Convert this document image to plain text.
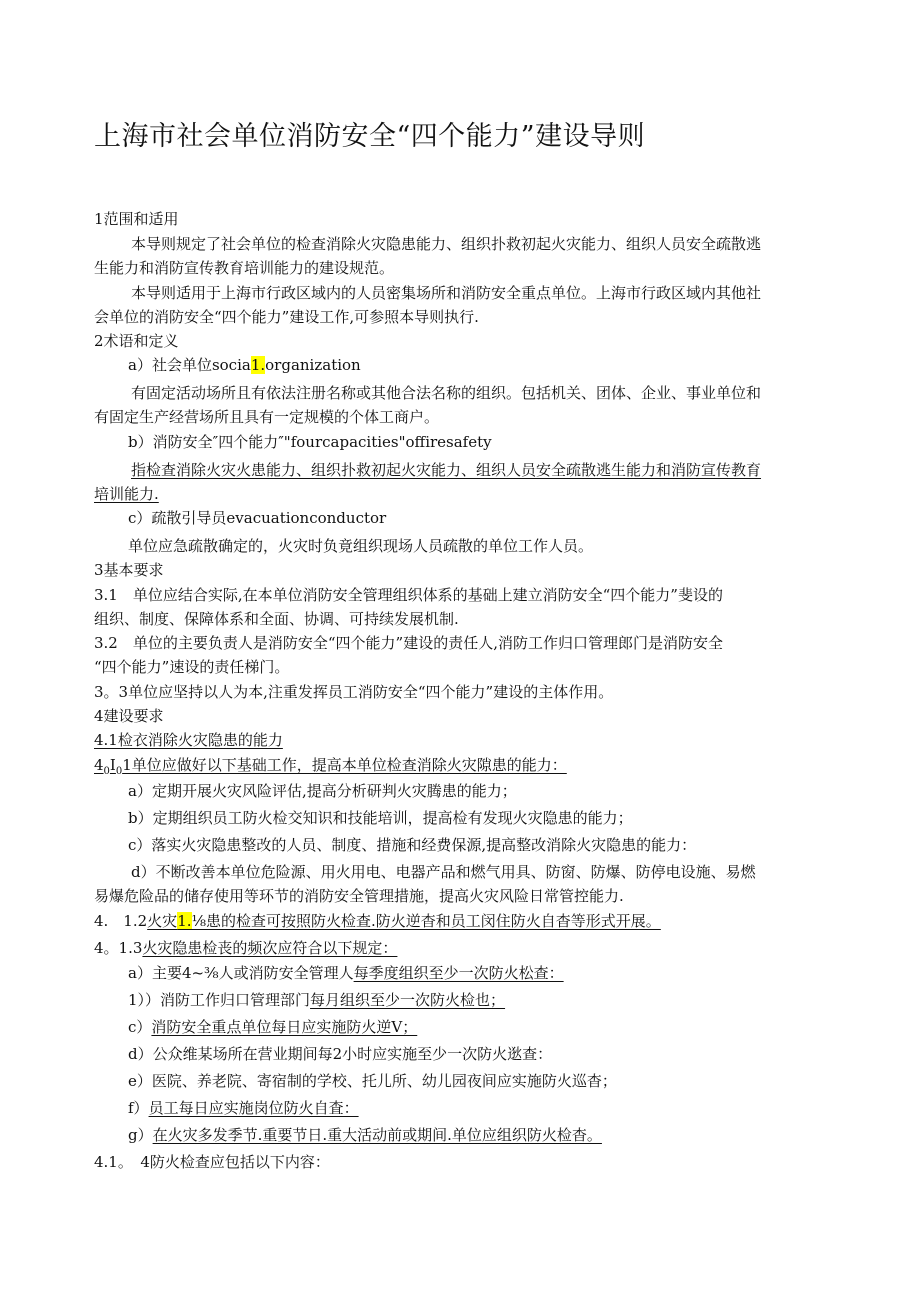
上海市社会单位消防安全“四个能力”建设导则
1范围和适用
本导则规定了社会单位的检查消除火灾隐患能力、组织扑救初起火灾能力、组织人员安全疏散逃
生能力和消防宣传教育培训能力的建设规范。
本导则适用于上海市行政区域内的人员密集场所和消防安全重点单位。上海市行政区域内其他社
会单位的消防安全“四个能力”建设工作,可参照本导则执行.
2术语和定义
a）社会单位socia1.organization
有固定活动场所且有依法注册名称或其他合法名称的组织。包括机关、团体、企业、事业单位和
有固定生产经营场所且具有一定规模的个体工商户。
b）消防安全″四个能力″"fourcapacities"offiresafety
指检查消除火灾火患能力、组织扑救初起火灾能力、组织人员安全疏散逃生能力和消防宣传教育
培训能力.
c）疏散引导员evacuationconductor
单位应急疏散确定的，火灾时负竟组织现场人员疏散的单位工作人员。
3基本要求
3.1　单位应结合实际,在本单位消防安全管理组织体系的基础上建立消防安全“四个能力”斐设的
组织、制度、保障体系和全面、协调、可持续发展机制.
3.2　单位的主要负责人是消防安全“四个能力”建设的责任人,消防工作归口管理郎门是消防安全
“四个能力”速设的责任梯门。
3。3单位应坚持以人为本,注重发挥员工消防安全“四个能力”建设的主体作用。
4建设要求
4.1检衣消除火灾隐患的能力
$4_0I_01$单位应做好以下基础工作，提高本单位检查消除火灾隙患的能力：
a）定期开展火灾风险评估,提高分析研判火灾腾患的能力；
b）定期组织员工防火检交知识和技能培训，提高检有发现火灾隐患的能力；
c）落实火灾隐患整改的人员、制度、措施和经费保源,提高整改消除火灾隐患的能力：
d）不断改善本单位危险源、用火用电、电器产品和燃气用具、防窗、防爆、防停电设施、易燃
易爆危险品的储存使用等环节的消防安全管理措施，提高火灾风险日常管控能力.
4.　1.2火灾1.⅛患的检查可按照防火检查.防火逆杳和员工闵住防火自杳等形式开展。
4。1.3火灾隐患检丧的频次应符合以下规定：
a）主要4~⅜人或消防安全管理人每季度组织至少一次防火松查：
1））消防工作归口管理部门每月组织至少一次防火检也；
c）消防安全重点单位每日应实施防火逆V；
d）公众维某场所在营业期间每2小时应实施至少一次防火逖查：
e）医院、养老院、寄宿制的学校、托儿所、幼儿园夜间应实施防火巡杳；
f）员工每日应实施岗位防火自査：
g）在火灾多发季节.重要节日.重大活动前或期间.单位应组织防火检杳。
4.1。　4防火检查应包括以下内容：
